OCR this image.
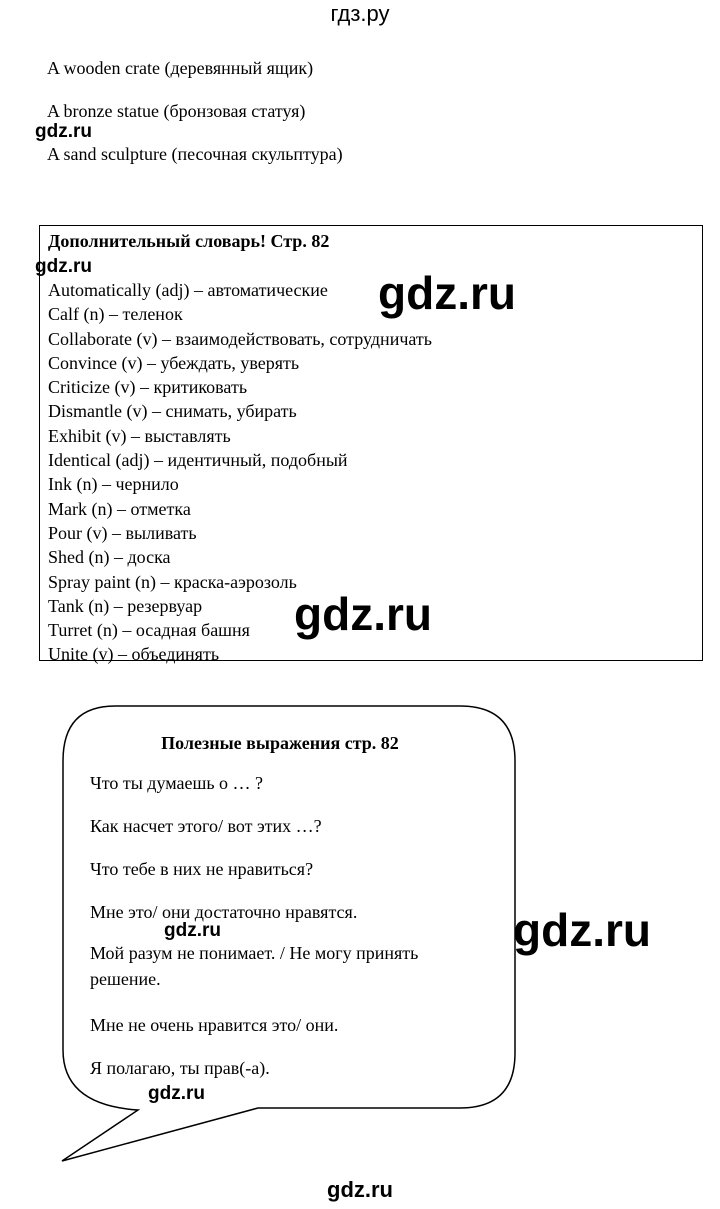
гдз.ру
A wooden crate (деревянный ящик)
A bronze statue (бронзовая статуя)
A sand sculpture (песочная скульптура)
gdz.ru
Дополнительный словарь! Стр. 82
Automatically (adj) – автоматические
Calf (n) – теленок
Collaborate (v) – взаимодействовать, сотрудничать
Convince (v) – убеждать, уверять
Criticize (v) – критиковать
Dismantle (v) – снимать, убирать
Exhibit (v) – выставлять
Identical (adj) – идентичный, подобный
Ink (n) – чернило
Mark (n) – отметка
Pour (v) – выливать
Shed (n) – доска
Spray paint (n) – краска-аэрозоль
Tank (n) – резервуар
Turret (n) – осадная башня
Unite (v) – объединять
gdz.ru
gdz.ru
gdz.ru
Полезные выражения стр. 82
Что ты думаешь о … ?
Как насчет этого/ вот этих …?
Что тебе в них не нравиться?
Мне это/ они достаточно нравятся.
Мой разум не понимает. / Не могу принять решение.
Мне не очень нравится это/ они.
Я полагаю, ты прав(-а).
gdz.ru
gdz.ru
gdz.ru
gdz.ru
